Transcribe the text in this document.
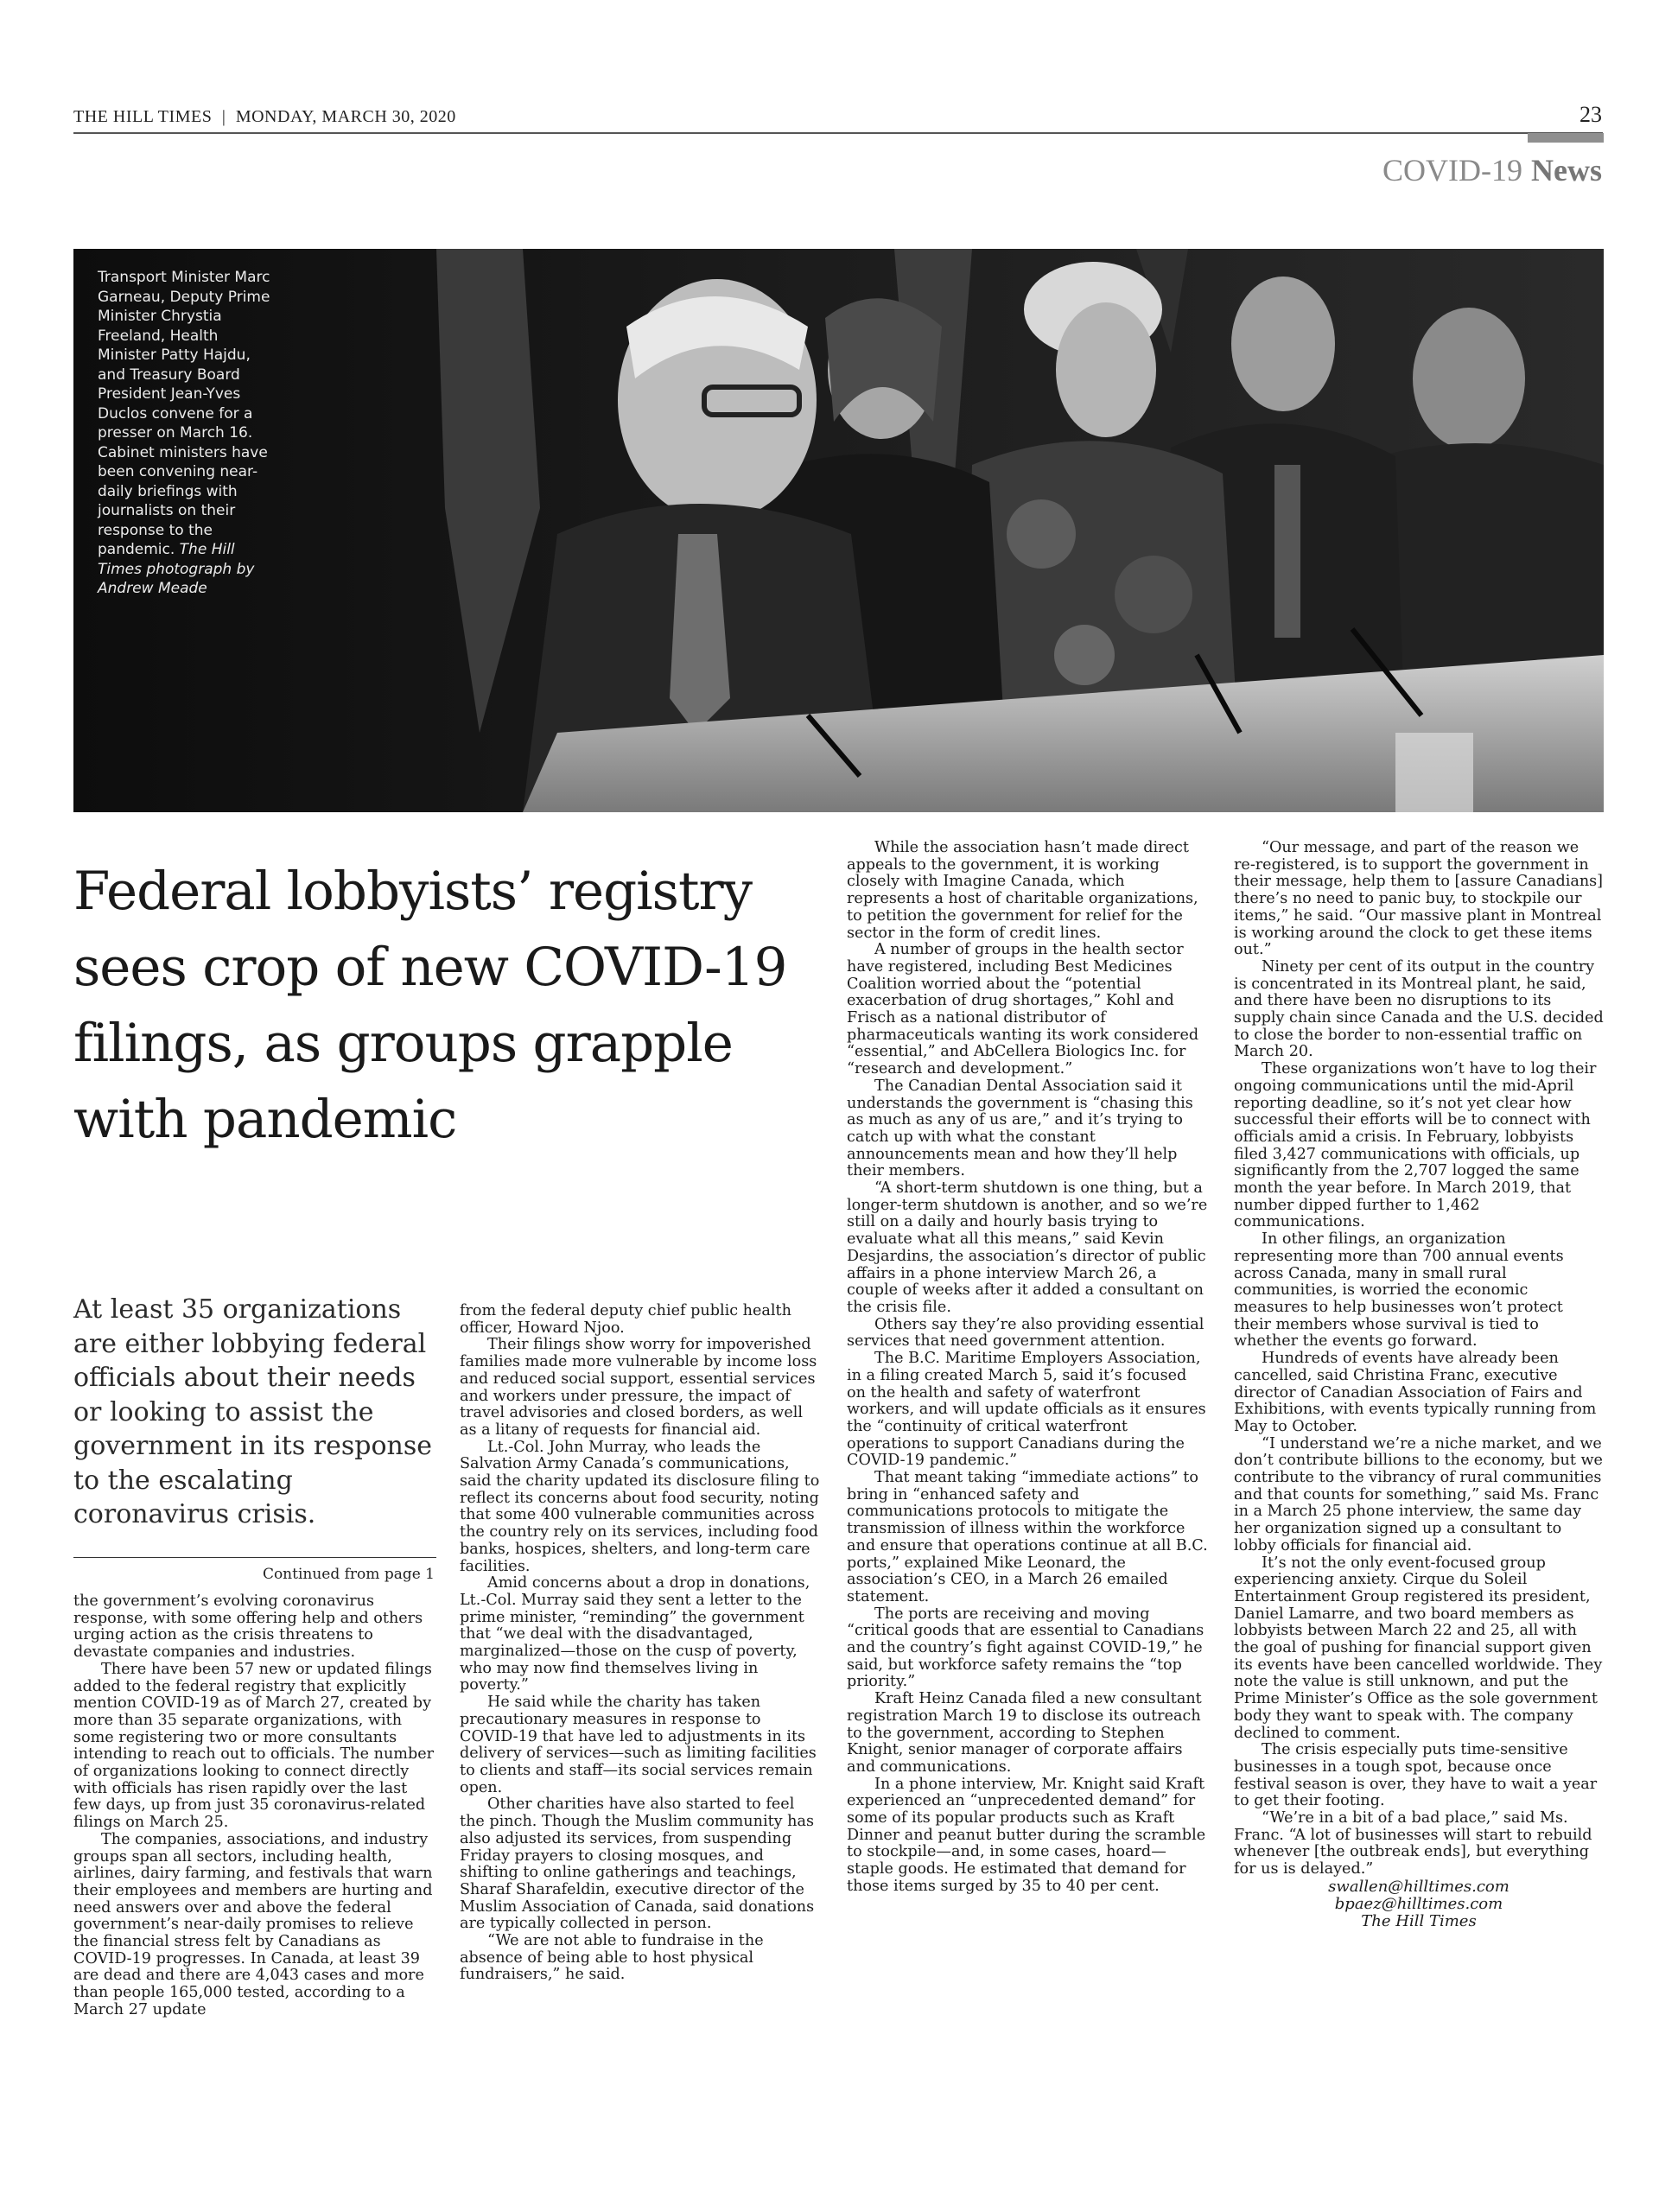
THE HILL TIMES | MONDAY, MARCH 30, 2020	23
COVID-19 News
Transport Minister Marc Garneau, Deputy Prime Minister Chrystia Freeland, Health Minister Patty Hajdu, and Treasury Board President Jean-Yves Duclos convene for a presser on March 16. Cabinet ministers have been convening near-daily briefings with journalists on their response to the pandemic. The Hill Times photograph by Andrew Meade
Federal lobbyists’ registry sees crop of new COVID-19 filings, as groups grapple with pandemic
At least 35 organizations are either lobbying federal officials about their needs or looking to assist the government in its response to the escalating coronavirus crisis.
Continued from page 1

the government’s evolving coronavirus response, with some offering help and others urging action as the crisis threatens to devastate companies and industries.

There have been 57 new or updated filings added to the federal registry that explicitly mention COVID-19 as of March 27, created by more than 35 separate organizations, with some registering two or more consultants intending to reach out to officials. The number of organizations looking to connect directly with officials has risen rapidly over the last few days, up from just 35 coronavirus-related filings on March 25.

The companies, associations, and industry groups span all sectors, including health, airlines, dairy farming, and festivals that warn their employees and members are hurting and need answers over and above the federal government’s near-daily promises to relieve the financial stress felt by Canadians as COVID-19 progresses. In Canada, at least 39 are dead and there are 4,043 cases and more than people 165,000 tested, according to a March 27 update

from the federal deputy chief public health officer, Howard Njoo.

Their filings show worry for impoverished families made more vulnerable by income loss and reduced social support, essential services and workers under pressure, the impact of travel advisories and closed borders, as well as a litany of requests for financial aid.

Lt.-Col. John Murray, who leads the Salvation Army Canada’s communications, said the charity updated its disclosure filing to reflect its concerns about food security, noting that some 400 vulnerable communities across the country rely on its services, including food banks, hospices, shelters, and long-term care facilities.

Amid concerns about a drop in donations, Lt.-Col. Murray said they sent a letter to the prime minister, “reminding” the government that “we deal with the disadvantaged, marginalized—those on the cusp of poverty, who may now find themselves living in poverty.”

He said while the charity has taken precautionary measures in response to COVID-19 that have led to adjustments in its delivery of services—such as limiting facilities to clients and staff—its social services remain open.

Other charities have also started to feel the pinch. Though the Muslim community has also adjusted its services, from suspending Friday prayers to closing mosques, and shifting to online gatherings and teachings, Sharaf Sharafeldin, executive director of the Muslim Association of Canada, said donations are typically collected in person.

“We are not able to fundraise in the absence of being able to host physical fundraisers,” he said.

While the association hasn’t made direct appeals to the government, it is working closely with Imagine Canada, which represents a host of charitable organizations, to petition the government for relief for the sector in the form of credit lines.

A number of groups in the health sector have registered, including Best Medicines Coalition worried about the “potential exacerbation of drug shortages,” Kohl and Frisch as a national distributor of pharmaceuticals wanting its work considered “essential,” and AbCellera Biologics Inc. for “research and development.”

The Canadian Dental Association said it understands the government is “chasing this as much as any of us are,” and it’s trying to catch up with what the constant announcements mean and how they’ll help their members.

“A short-term shutdown is one thing, but a longer-term shutdown is another, and so we’re still on a daily and hourly basis trying to evaluate what all this means,” said Kevin Desjardins, the association’s director of public affairs in a phone interview March 26, a couple of weeks after it added a consultant on the crisis file.

Others say they’re also providing essential services that need government attention.

The B.C. Maritime Employers Association, in a filing created March 5, said it’s focused on the health and safety of waterfront workers, and will update officials as it ensures the “continuity of critical waterfront operations to support Canadians during the COVID-19 pandemic.”

That meant taking “immediate actions” to bring in “enhanced safety and communications protocols to mitigate the transmission of illness within the workforce and ensure that operations continue at all B.C. ports,” explained Mike Leonard, the association’s CEO, in a March 26 emailed statement.

The ports are receiving and moving “critical goods that are essential to Canadians and the country’s fight against COVID-19,” he said, but workforce safety remains the “top priority.”

Kraft Heinz Canada filed a new consultant registration March 19 to disclose its outreach to the government, according to Stephen Knight, senior manager of corporate affairs and communications.

In a phone interview, Mr. Knight said Kraft experienced an “unprecedented demand” for some of its popular products such as Kraft Dinner and peanut butter during the scramble to stockpile—and, in some cases, hoard—staple goods. He estimated that demand for those items surged by 35 to 40 per cent.

“Our message, and part of the reason we re-registered, is to support the government in their message, help them to [assure Canadians] there’s no need to panic buy, to stockpile our items,” he said. “Our massive plant in Montreal is working around the clock to get these items out.”

Ninety per cent of its output in the country is concentrated in its Montreal plant, he said, and there have been no disruptions to its supply chain since Canada and the U.S. decided to close the border to non-essential traffic on March 20.

These organizations won’t have to log their ongoing communications until the mid-April reporting deadline, so it’s not yet clear how successful their efforts will be to connect with officials amid a crisis. In February, lobbyists filed 3,427 communications with officials, up significantly from the 2,707 logged the same month the year before. In March 2019, that number dipped further to 1,462 communications.

In other filings, an organization representing more than 700 annual events across Canada, many in small rural communities, is worried the economic measures to help businesses won’t protect their members whose survival is tied to whether the events go forward.

Hundreds of events have already been cancelled, said Christina Franc, executive director of Canadian Association of Fairs and Exhibitions, with events typically running from May to October.

“I understand we’re a niche market, and we don’t contribute billions to the economy, but we contribute to the vibrancy of rural communities and that counts for something,” said Ms. Franc in a March 25 phone interview, the same day her organization signed up a consultant to lobby officials for financial aid.

It’s not the only event-focused group experiencing anxiety. Cirque du Soleil Entertainment Group registered its president, Daniel Lamarre, and two board members as lobbyists between March 22 and 25, all with the goal of pushing for financial support given its events have been cancelled worldwide. They note the value is still unknown, and put the Prime Minister’s Office as the sole government body they want to speak with. The company declined to comment.

The crisis especially puts time-sensitive businesses in a tough spot, because once festival season is over, they have to wait a year to get their footing.

“We’re in a bit of a bad place,” said Ms. Franc. “A lot of businesses will start to rebuild whenever [the outbreak ends], but everything for us is delayed.”

swallen@hilltimes.com
bpaez@hilltimes.com
The Hill Times
